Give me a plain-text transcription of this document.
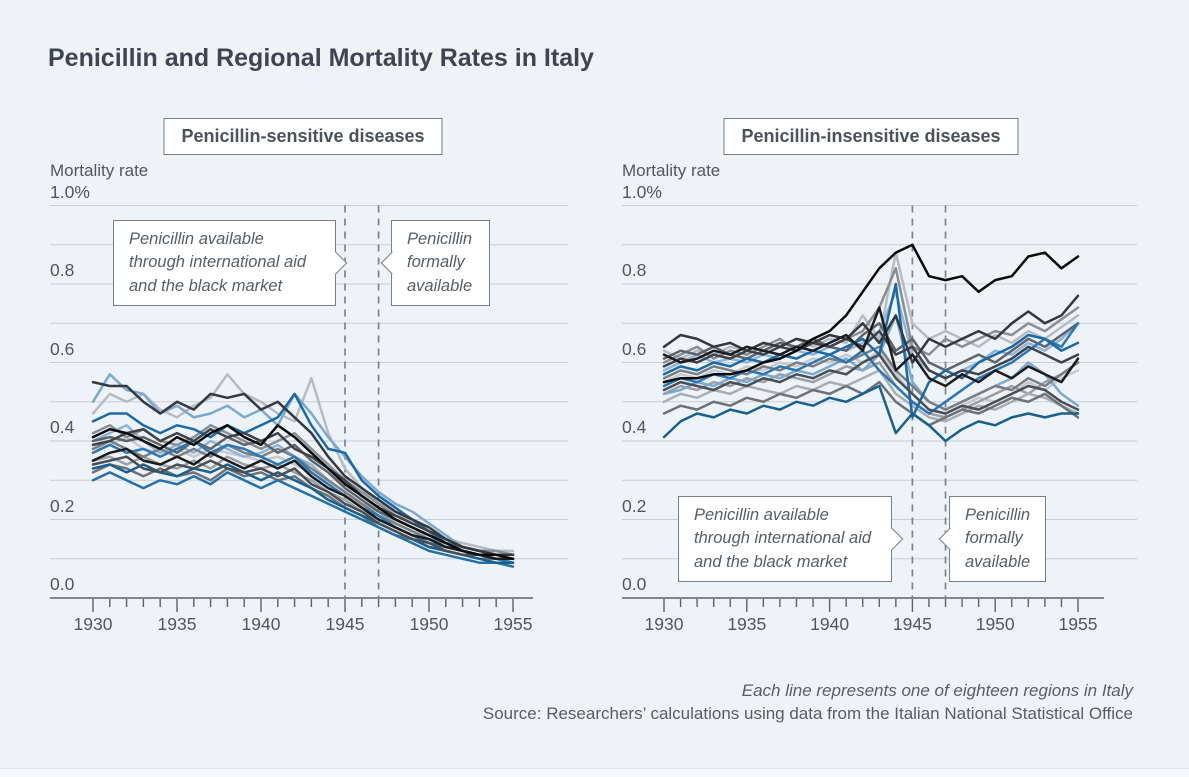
Penicillin and Regional Mortality Rates in Italy
Penicillin-sensitive diseases	Penicillin-insensitive diseases
Mortality rate	Mortality rate
1.0%
0.8
0.6
0.4
0.2
0.0
1930	1935	1940	1945	1950	1955
1.0%
0.8
0.6
0.4
0.2
0.0
1930	1935	1940	1945	1950	1955
Penicillin available
through international aid
and the black market
Penicillin
formally
available
Penicillin available
through international aid
and the black market
Penicillin
formally
available
Each line represents one of eighteen regions in Italy
Source: Researchers’ calculations using data from the Italian National Statistical Office
